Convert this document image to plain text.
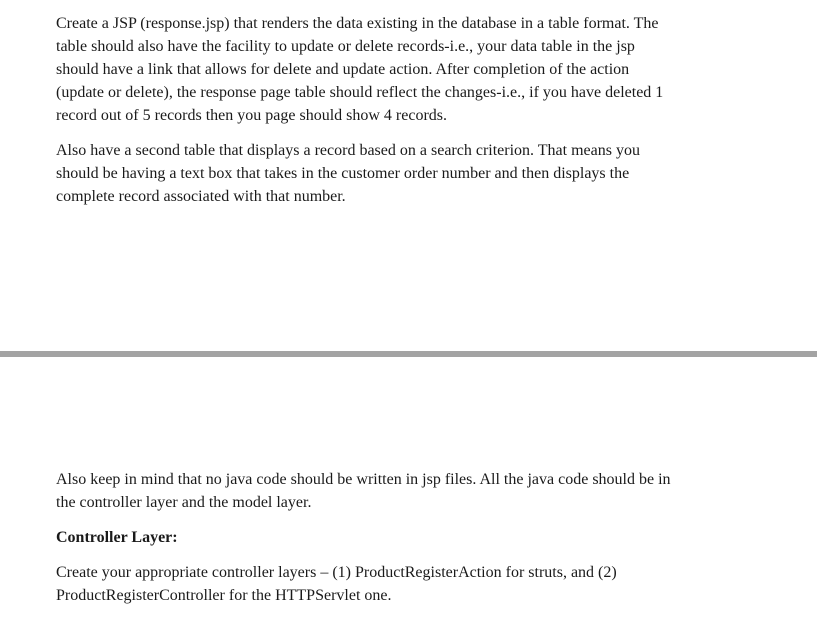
Create a JSP (response.jsp) that renders the data existing in the database in a table format. The
table should also have the facility to update or delete records-i.e., your data table in the jsp
should have a link that allows for delete and update action. After completion of the action
(update or delete), the response page table should reflect the changes-i.e., if you have deleted 1
record out of 5 records then you page should show 4 records.

Also have a second table that displays a record based on a search criterion. That means you
should be having a text box that takes in the customer order number and then displays the
complete record associated with that number.

Also keep in mind that no java code should be written in jsp files. All the java code should be in
the controller layer and the model layer.

Controller Layer:

Create your appropriate controller layers – (1) ProductRegisterAction for struts, and (2)
ProductRegisterController for the HTTPServlet one.
